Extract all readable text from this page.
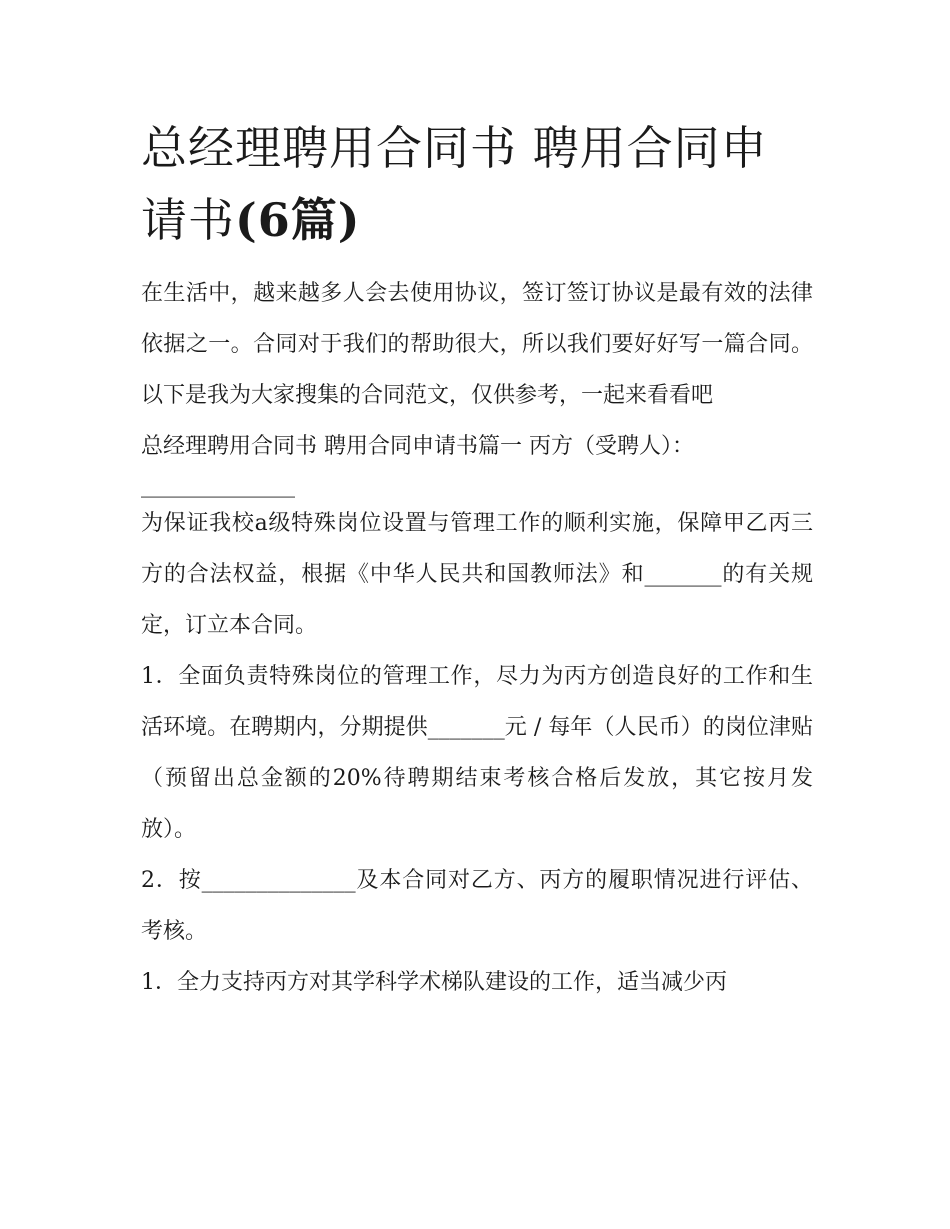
总经理聘用合同书 聘用合同申请书(6篇)

在生活中，越来越多人会去使用协议，签订签订协议是最有效的法律依据之一。合同对于我们的帮助很大，所以我们要好好写一篇合同。以下是我为大家搜集的合同范文，仅供参考，一起来看看吧

总经理聘用合同书 聘用合同申请书篇一 丙方（受聘人）：

______________

为保证我校a级特殊岗位设置与管理工作的顺利实施，保障甲乙丙三方的合法权益，根据《中华人民共和国教师法》和_______的有关规定，订立本合同。

1．全面负责特殊岗位的管理工作，尽力为丙方创造良好的工作和生活环境。在聘期内，分期提供_______元 / 每年（人民币）的岗位津贴（预留出总金额的20%待聘期结束考核合格后发放，其它按月发放）。

2．按______________及本合同对乙方、丙方的履职情况进行评估、考核。

1．全力支持丙方对其学科学术梯队建设的工作，适当减少丙
